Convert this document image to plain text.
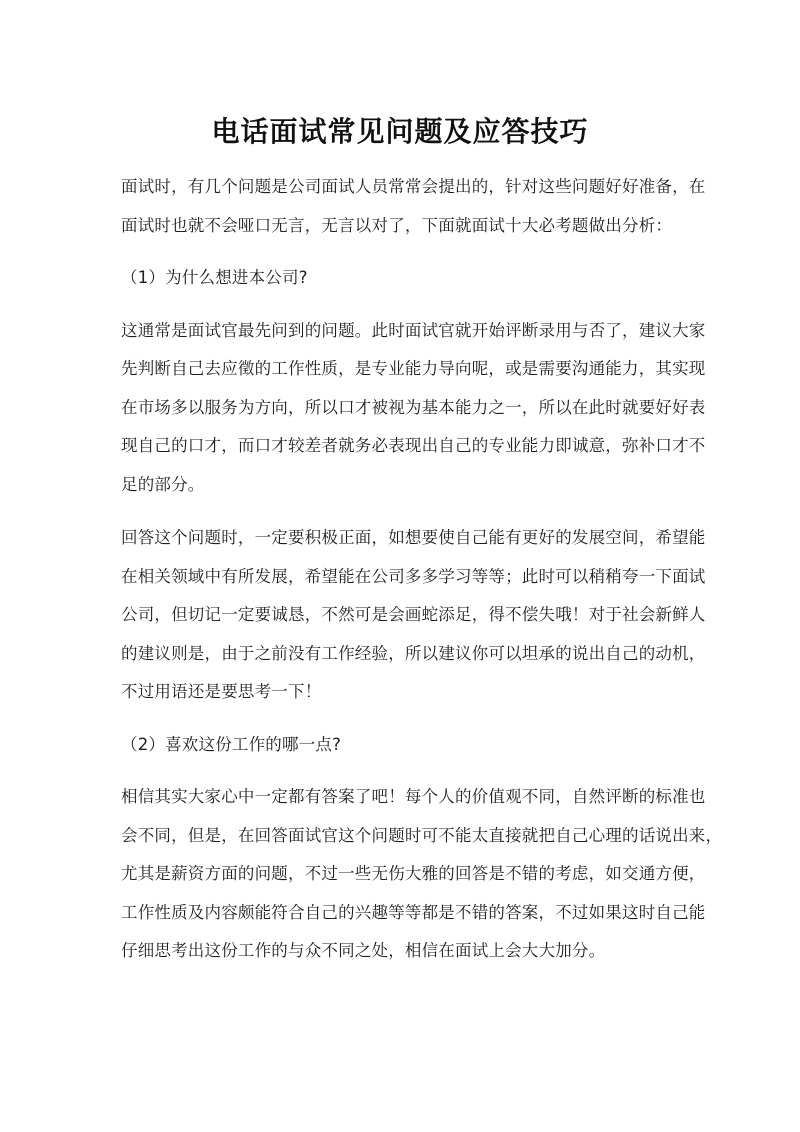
电话面试常见问题及应答技巧

面试时，有几个问题是公司面试人员常常会提出的，针对这些问题好好准备，在
面试时也就不会哑口无言，无言以对了，下面就面试十大必考题做出分析：

（1）为什么想进本公司?

这通常是面试官最先问到的问题。此时面试官就开始评断录用与否了，建议大家
先判断自己去应徵的工作性质，是专业能力导向呢，或是需要沟通能力，其实现
在市场多以服务为方向，所以口才被视为基本能力之一，所以在此时就要好好表
现自己的口才，而口才较差者就务必表现出自己的专业能力即诚意，弥补口才不
足的部分。

回答这个问题时，一定要积极正面，如想要使自己能有更好的发展空间，希望能
在相关领域中有所发展，希望能在公司多多学习等等；此时可以稍稍夸一下面试
公司，但切记一定要诚恳，不然可是会画蛇添足，得不偿失哦！对于社会新鲜人
的建议则是，由于之前没有工作经验，所以建议你可以坦承的说出自己的动机，
不过用语还是要思考一下！

（2）喜欢这份工作的哪一点?

相信其实大家心中一定都有答案了吧！每个人的价值观不同，自然评断的标准也
会不同，但是，在回答面试官这个问题时可不能太直接就把自己心理的话说出来，
尤其是薪资方面的问题，不过一些无伤大雅的回答是不错的考虑，如交通方便，
工作性质及内容颇能符合自己的兴趣等等都是不错的答案，不过如果这时自己能
仔细思考出这份工作的与众不同之处，相信在面试上会大大加分。
